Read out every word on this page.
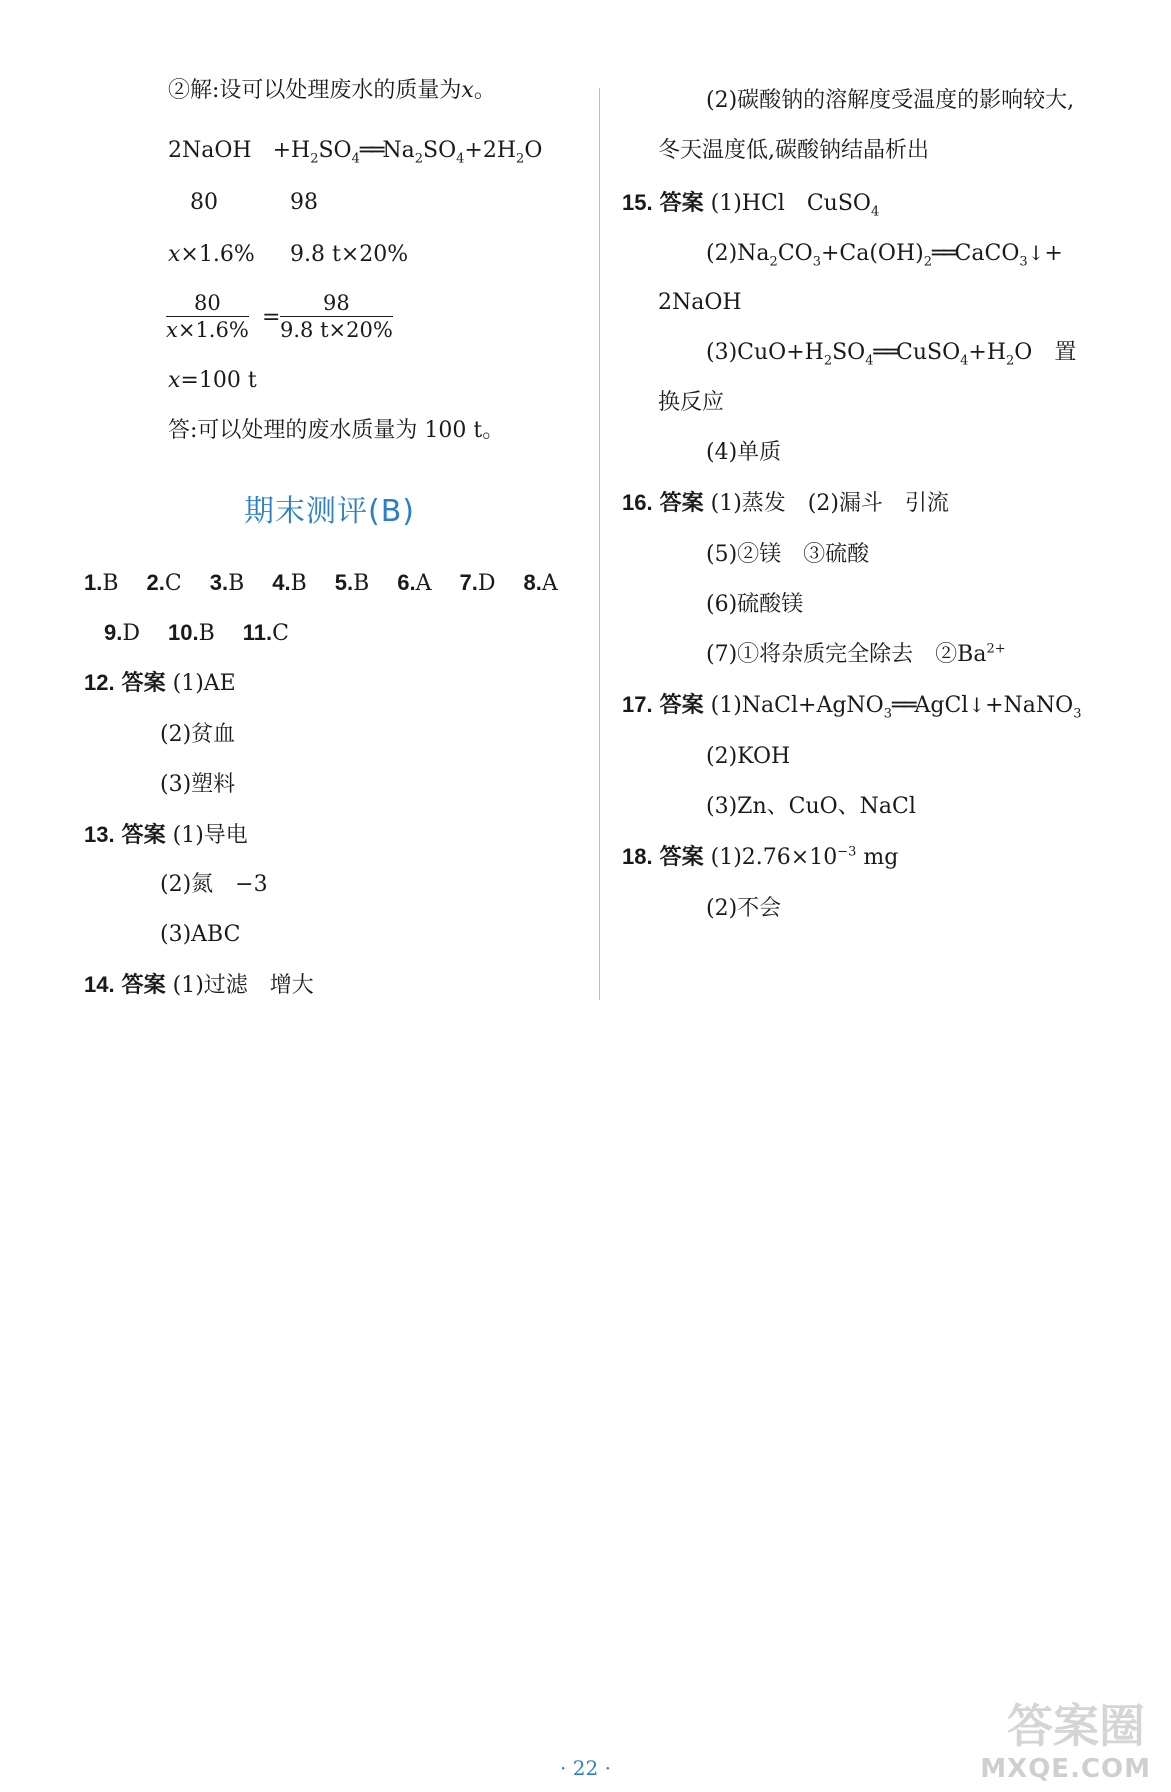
②解:设可以处理废水的质量为x。
2NaOH $+H_2SO_4══Na_2SO_4+2H_2O$
80	98
x×1.6% 9.8 t×20%
$\frac{80}{x\times 1.6\%} = \frac{98}{9.8 t\times 20\%}$
x=100 t
答:可以处理的废水质量为 100 t。
期末测评(B)
1.B 2.C 3.B 4.B 5.B 6.A 7.D 8.A
9.D 10.B 11.C
12. 答案 (1)AE
(2)贫血
(3)塑料
13. 答案 (1)导电
(2)氮　−3
(3)ABC
14. 答案 (1)过滤　增大
(2)碳酸钠的溶解度受温度的影响较大,
冬天温度低,碳酸钠结晶析出
15. 答案 (1)HCl　CuSO$_4$
$(2)Na_2CO_3+Ca(OH)_2══CaCO_3↓+$
2NaOH
$(3)CuO+H_2SO_4══CuSO_4+H_2O$　置
换反应
(4)单质
16. 答案 (1)蒸发　(2)漏斗　引流
(5)②镁　③硫酸
(6)硫酸镁
(7)①将杂质完全除去　$②Ba^{2+}$
17. 答案 (1)NaCl+AgNO$_3$══AgCl↓+NaNO$_3$
(2)KOH
(3)Zn、CuO、NaCl
18. 答案 $(1)2.76\times 10^{-3}$ mg
(2)不会
· 22 ·
答案圈
MXQE.COM
